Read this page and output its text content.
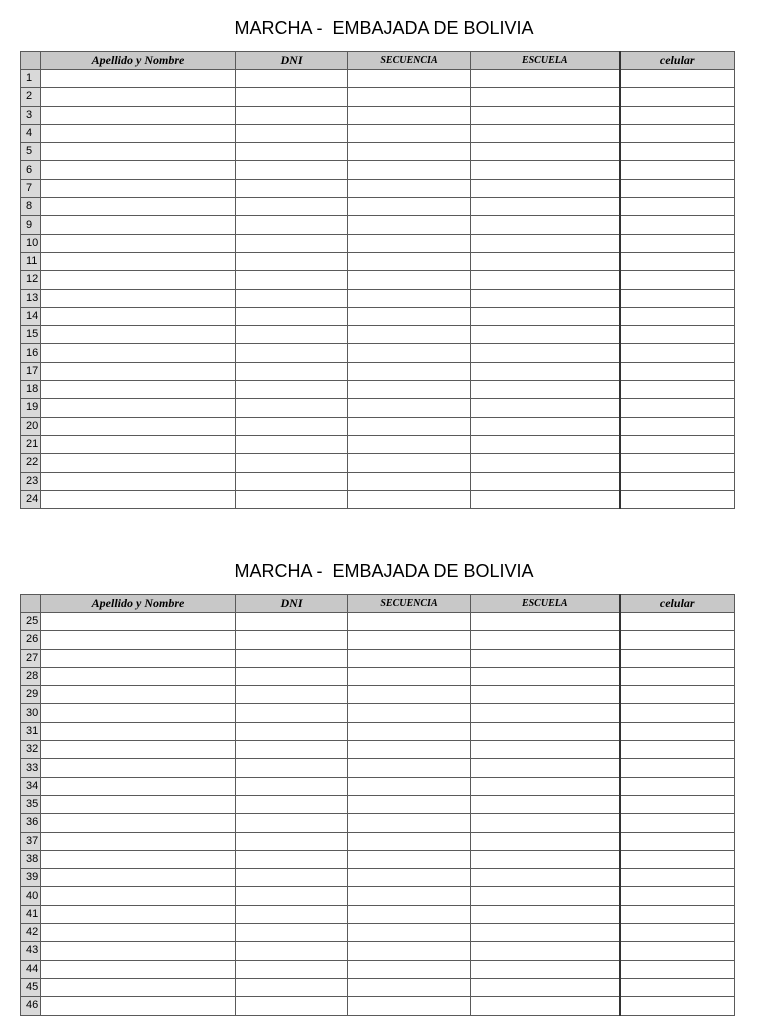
MARCHA -  EMBAJADA DE BOLIVIA
	Apellido y Nombre	DNI	SECUENCIA	ESCUELA	celular
1					
2					
3					
4					
5					
6					
7					
8					
9					
10					
11					
12					
13					
14					
15					
16					
17					
18					
19					
20					
21					
22					
23					
24					
MARCHA -  EMBAJADA DE BOLIVIA
	Apellido y Nombre	DNI	SECUENCIA	ESCUELA	celular
25					
26					
27					
28					
29					
30					
31					
32					
33					
34					
35					
36					
37					
38					
39					
40					
41					
42					
43					
44					
45					
46					
